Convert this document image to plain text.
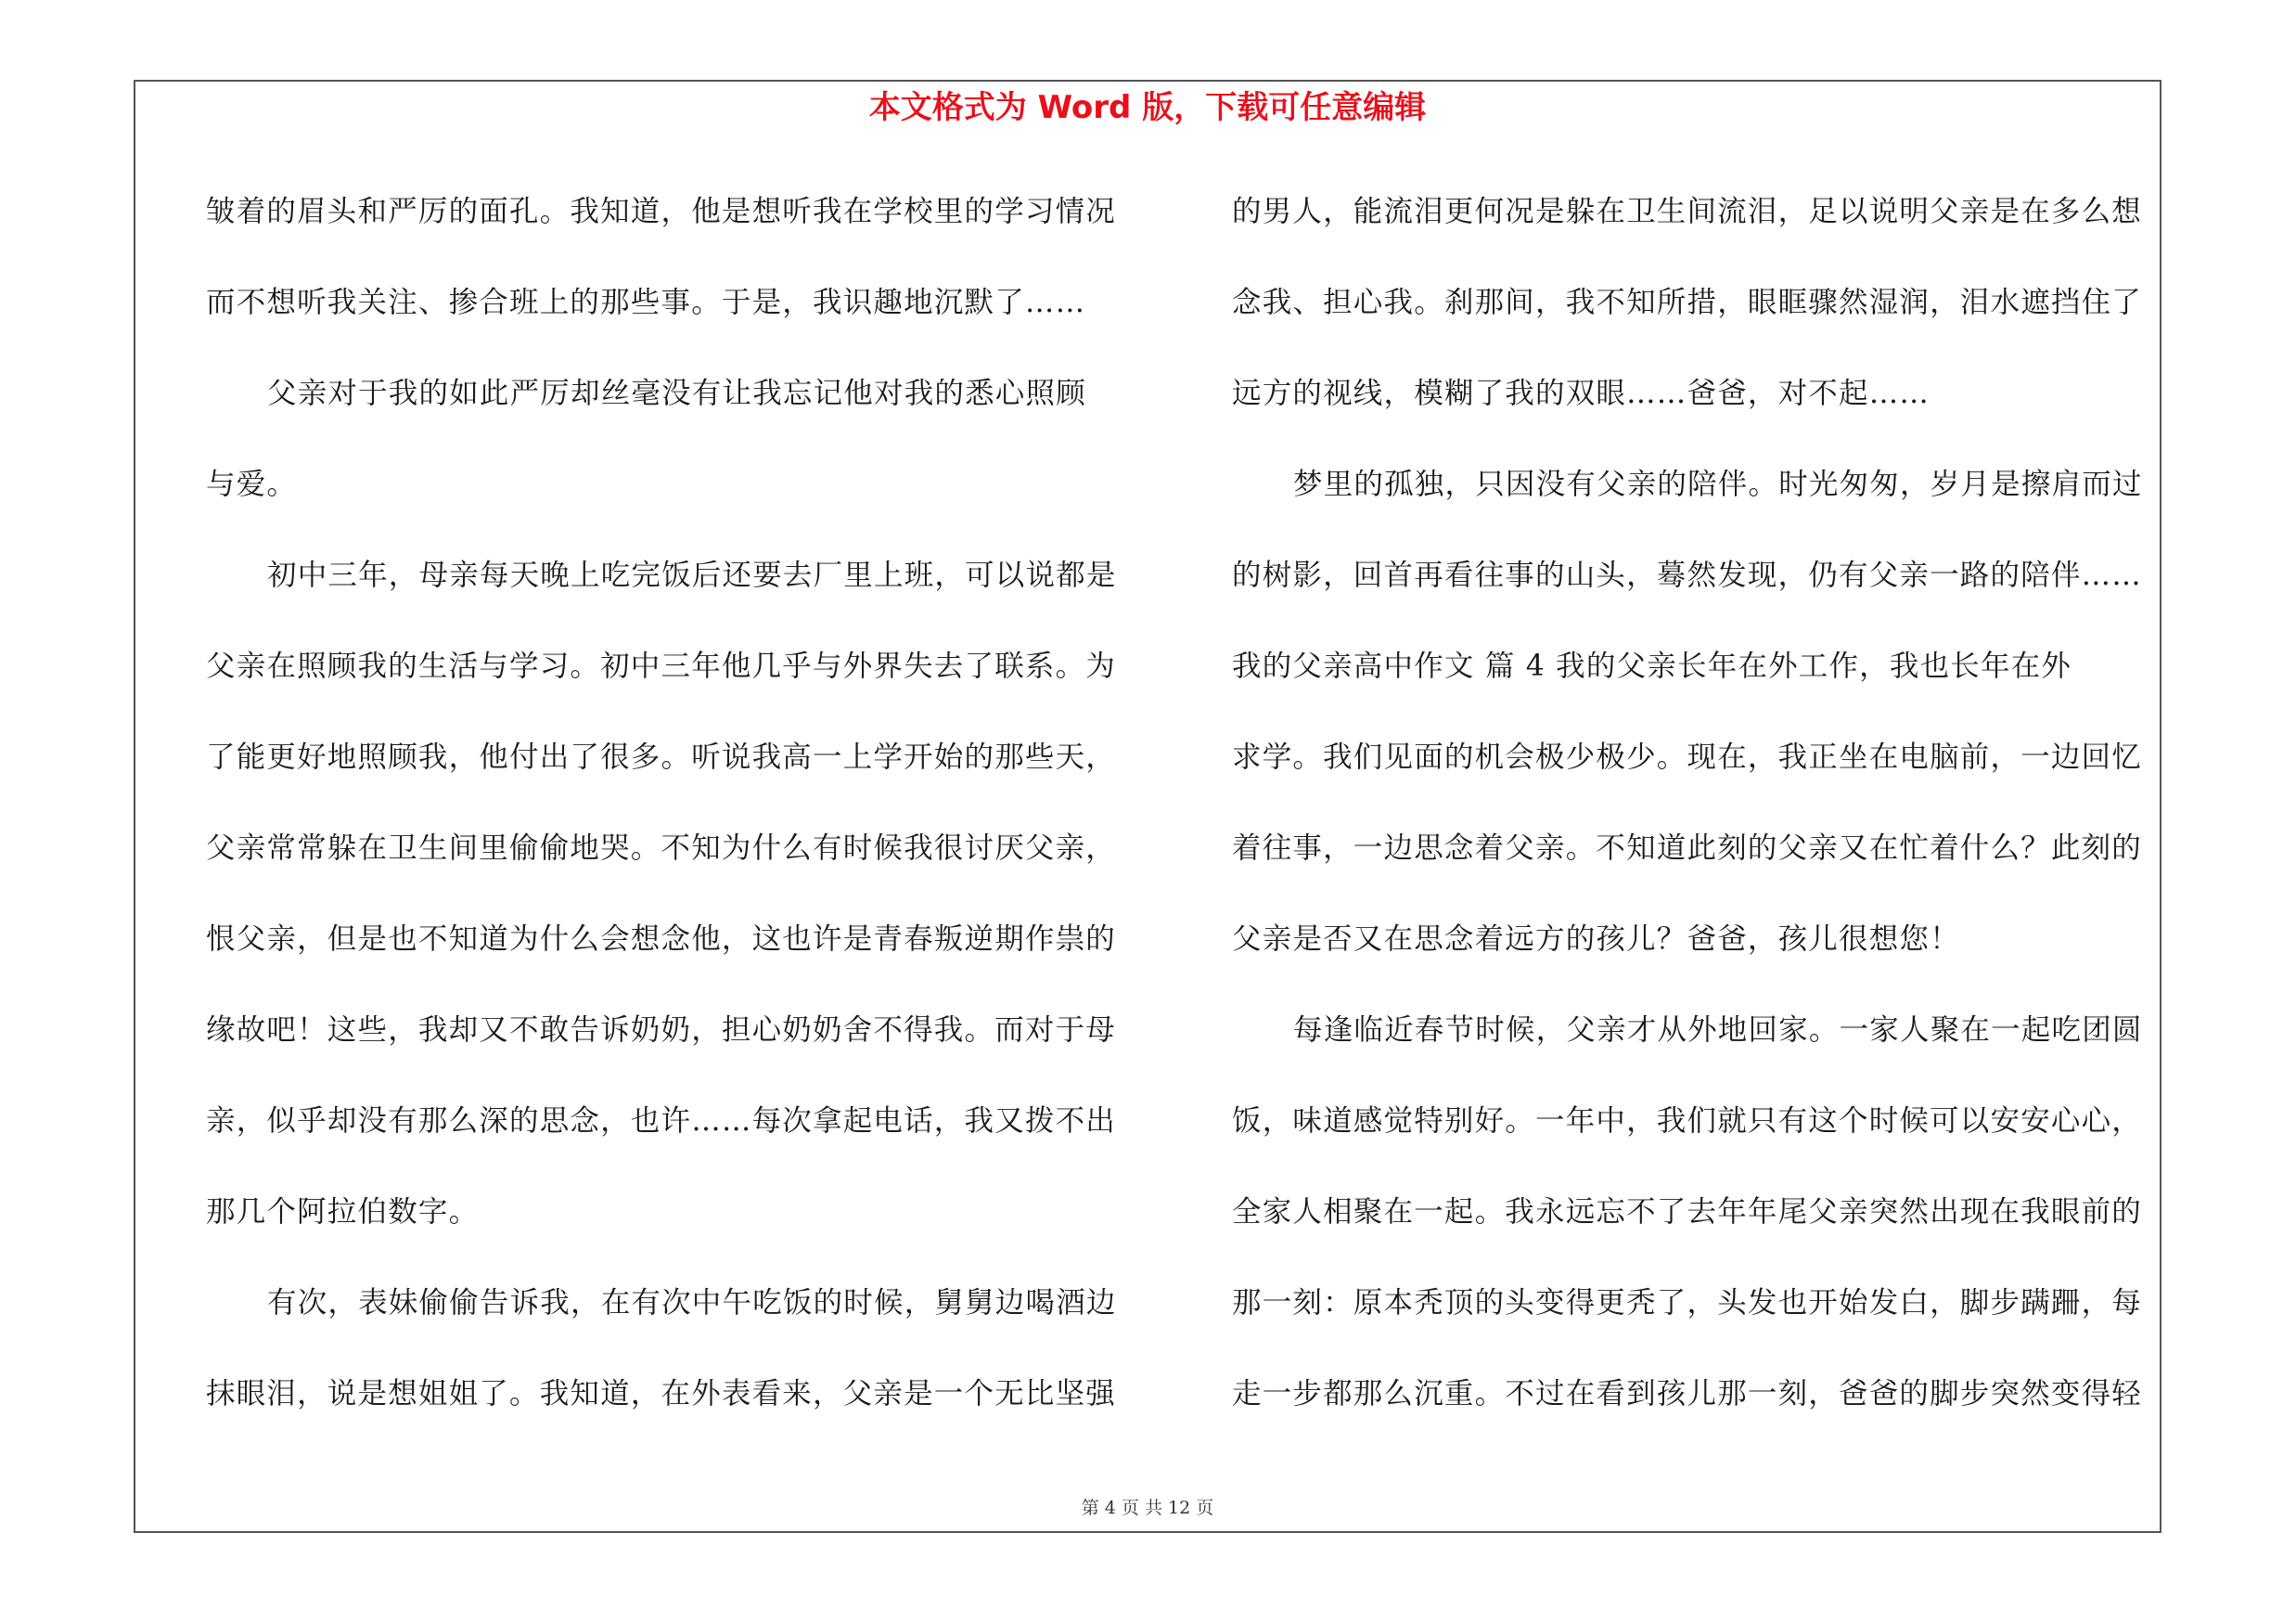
本文格式为 Word 版，下载可任意编辑
皱着的眉头和严厉的面孔。我知道，他是想听我在学校里的学习情况
而不想听我关注、掺合班上的那些事。于是，我识趣地沉默了……
父亲对于我的如此严厉却丝毫没有让我忘记他对我的悉心照顾
与爱。
初中三年，母亲每天晚上吃完饭后还要去厂里上班，可以说都是
父亲在照顾我的生活与学习。初中三年他几乎与外界失去了联系。为
了能更好地照顾我，他付出了很多。听说我高一上学开始的那些天，
父亲常常躲在卫生间里偷偷地哭。不知为什么有时候我很讨厌父亲，
恨父亲，但是也不知道为什么会想念他，这也许是青春叛逆期作祟的
缘故吧！这些，我却又不敢告诉奶奶，担心奶奶舍不得我。而对于母
亲，似乎却没有那么深的思念，也许……每次拿起电话，我又拨不出
那几个阿拉伯数字。
有次，表妹偷偷告诉我，在有次中午吃饭的时候，舅舅边喝酒边
抹眼泪，说是想姐姐了。我知道，在外表看来，父亲是一个无比坚强
的男人，能流泪更何况是躲在卫生间流泪，足以说明父亲是在多么想
念我、担心我。刹那间，我不知所措，眼眶骤然湿润，泪水遮挡住了
远方的视线，模糊了我的双眼……爸爸，对不起……
梦里的孤独，只因没有父亲的陪伴。时光匆匆，岁月是擦肩而过
的树影，回首再看往事的山头，蓦然发现，仍有父亲一路的陪伴……
我的父亲高中作文 篇 4 我的父亲长年在外工作，我也长年在外
求学。我们见面的机会极少极少。现在，我正坐在电脑前，一边回忆
着往事，一边思念着父亲。不知道此刻的父亲又在忙着什么？此刻的
父亲是否又在思念着远方的孩儿？爸爸，孩儿很想您！
每逢临近春节时候，父亲才从外地回家。一家人聚在一起吃团圆
饭，味道感觉特别好。一年中，我们就只有这个时候可以安安心心，
全家人相聚在一起。我永远忘不了去年年尾父亲突然出现在我眼前的
那一刻：原本秃顶的头变得更秃了，头发也开始发白，脚步蹒跚，每
走一步都那么沉重。不过在看到孩儿那一刻，爸爸的脚步突然变得轻
第 4 页 共 12 页
